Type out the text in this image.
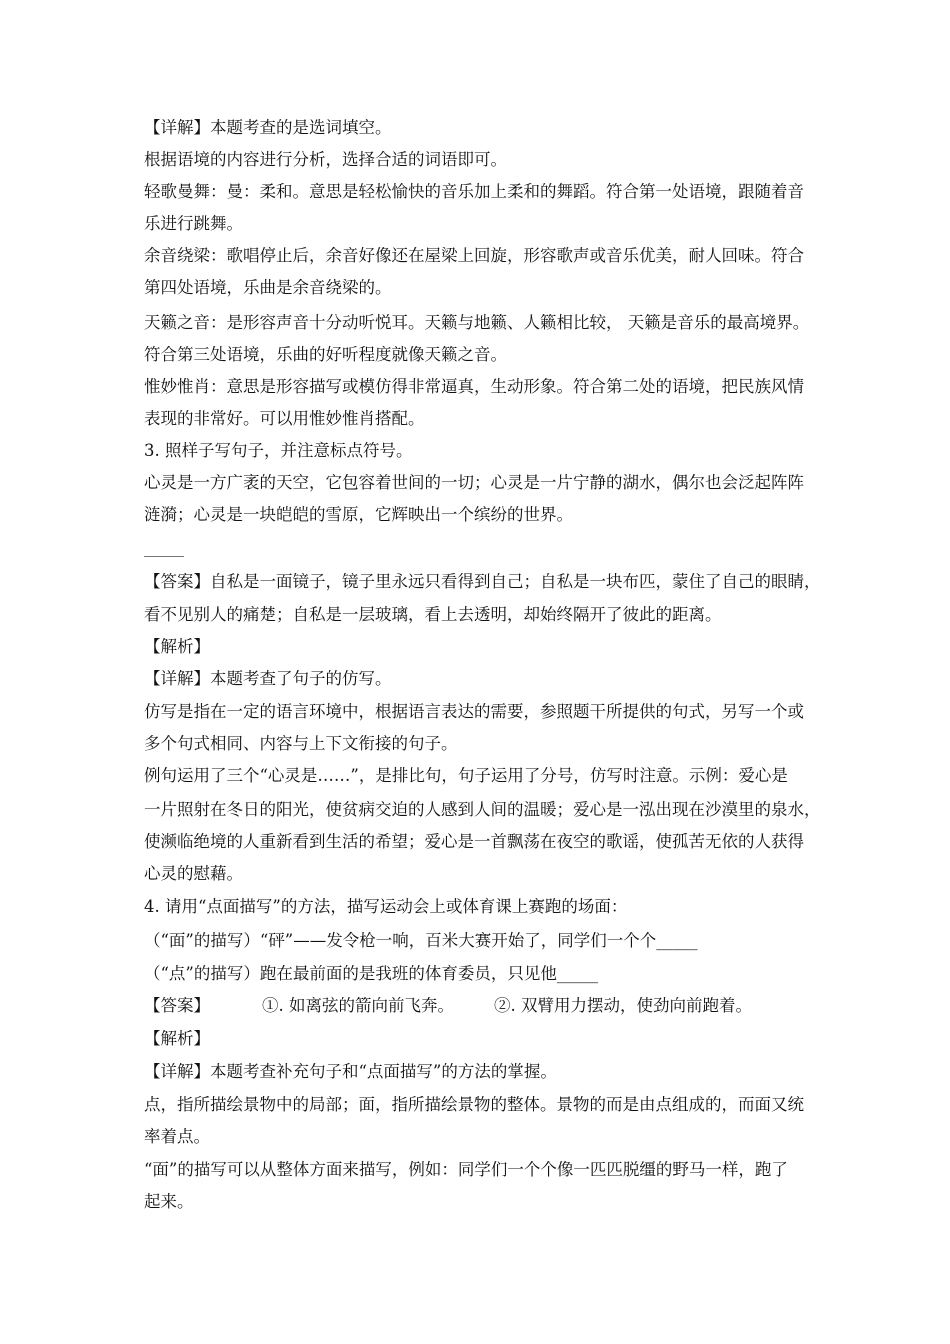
【详解】本题考查的是选词填空。
根据语境的内容进行分析，选择合适的词语即可。
轻歌曼舞：曼：柔和。意思是轻松愉快的音乐加上柔和的舞蹈。符合第一处语境，跟随着音
乐进行跳舞。
余音绕梁：歌唱停止后，余音好像还在屋梁上回旋，形容歌声或音乐优美，耐人回味。符合
第四处语境，乐曲是余音绕梁的。
天籁之音：是形容声音十分动听悦耳。天籁与地籁、人籁相比较， 天籁是音乐的最高境界。
符合第三处语境，乐曲的好听程度就像天籁之音。
惟妙惟肖：意思是形容描写或模仿得非常逼真，生动形象。符合第二处的语境，把民族风情
表现的非常好。可以用惟妙惟肖搭配。
3. 照样子写句子，并注意标点符号。
心灵是一方广袤的天空，它包容着世间的一切；心灵是一片宁静的湖水，偶尔也会泛起阵阵
涟漪；心灵是一块皑皑的雪原，它辉映出一个缤纷的世界。
【答案】自私是一面镜子，镜子里永远只看得到自己；自私是一块布匹，蒙住了自己的眼睛，
看不见别人的痛楚；自私是一层玻璃，看上去透明，却始终隔开了彼此的距离。
【解析】
【详解】本题考查了句子的仿写。
仿写是指在一定的语言环境中，根据语言表达的需要，参照题干所提供的句式，另写一个或
多个句式相同、内容与上下文衔接的句子。
例句运用了三个“心灵是……”，是排比句，句子运用了分号，仿写时注意。示例：爱心是
一片照射在冬日的阳光，使贫病交迫的人感到人间的温暖；爱心是一泓出现在沙漠里的泉水，
使濒临绝境的人重新看到生活的希望；爱心是一首飘荡在夜空的歌谣，使孤苦无依的人获得
心灵的慰藉。
4. 请用“点面描写”的方法，描写运动会上或体育课上赛跑的场面：
（“面”的描写）“砰”——发令枪一响，百米大赛开始了，同学们一个个_____
（“点”的描写）跑在最前面的是我班的体育委员，只见他_____
【答案】	①. 如离弦的箭向前飞奔。 ②. 双臂用力摆动，使劲向前跑着。
【解析】
【详解】本题考查补充句子和“点面描写”的方法的掌握。
点，指所描绘景物中的局部；面，指所描绘景物的整体。景物的而是由点组成的，而面又统
率着点。
“面”的描写可以从整体方面来描写，例如：同学们一个个像一匹匹脱缰的野马一样，跑了
起来。
